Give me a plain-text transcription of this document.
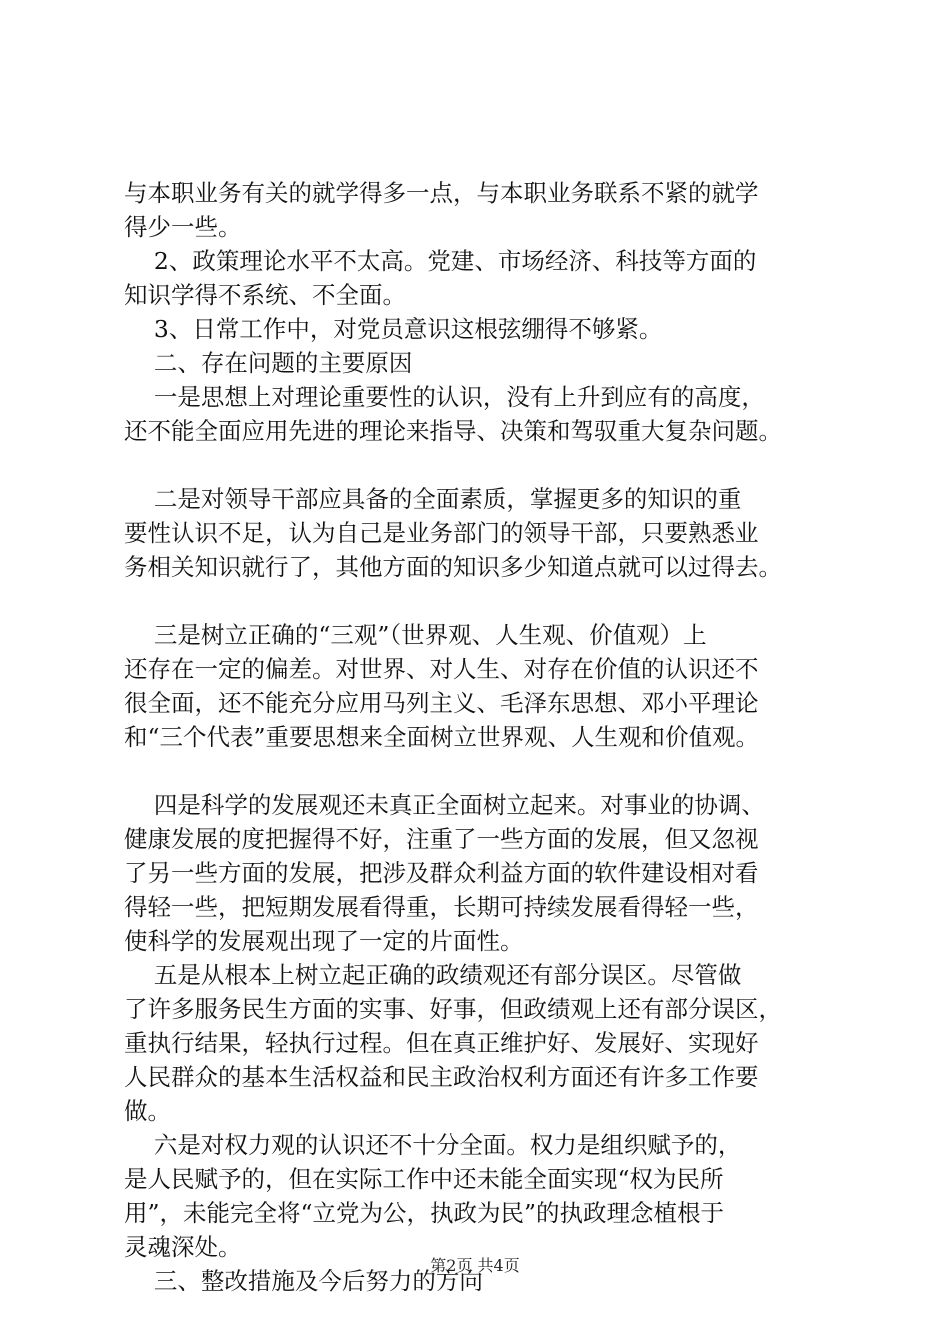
与本职业务有关的就学得多一点，与本职业务联系不紧的就学
得少一些。
2、政策理论水平不太高。党建、市场经济、科技等方面的
知识学得不系统、不全面。
3、日常工作中，对党员意识这根弦绷得不够紧。
二、存在问题的主要原因
一是思想上对理论重要性的认识，没有上升到应有的高度，
还不能全面应用先进的理论来指导、决策和驾驭重大复杂问题。
二是对领导干部应具备的全面素质，掌握更多的知识的重
要性认识不足，认为自己是业务部门的领导干部，只要熟悉业
务相关知识就行了，其他方面的知识多少知道点就可以过得去。
三是树立正确的“三观”（世界观、人生观、价值观）上
还存在一定的偏差。对世界、对人生、对存在价值的认识还不
很全面，还不能充分应用马列主义、毛泽东思想、邓小平理论
和“三个代表”重要思想来全面树立世界观、人生观和价值观。
四是科学的发展观还未真正全面树立起来。对事业的协调、
健康发展的度把握得不好，注重了一些方面的发展，但又忽视
了另一些方面的发展，把涉及群众利益方面的软件建设相对看
得轻一些，把短期发展看得重，长期可持续发展看得轻一些，
使科学的发展观出现了一定的片面性。
五是从根本上树立起正确的政绩观还有部分误区。尽管做
了许多服务民生方面的实事、好事，但政绩观上还有部分误区，
重执行结果，轻执行过程。但在真正维护好、发展好、实现好
人民群众的基本生活权益和民主政治权利方面还有许多工作要
做。
六是对权力观的认识还不十分全面。权力是组织赋予的，
是人民赋予的，但在实际工作中还未能全面实现“权为民所
用”，未能完全将“立党为公，执政为民”的执政理念植根于
灵魂深处。
三、整改措施及今后努力的方向
第2页 共4页
